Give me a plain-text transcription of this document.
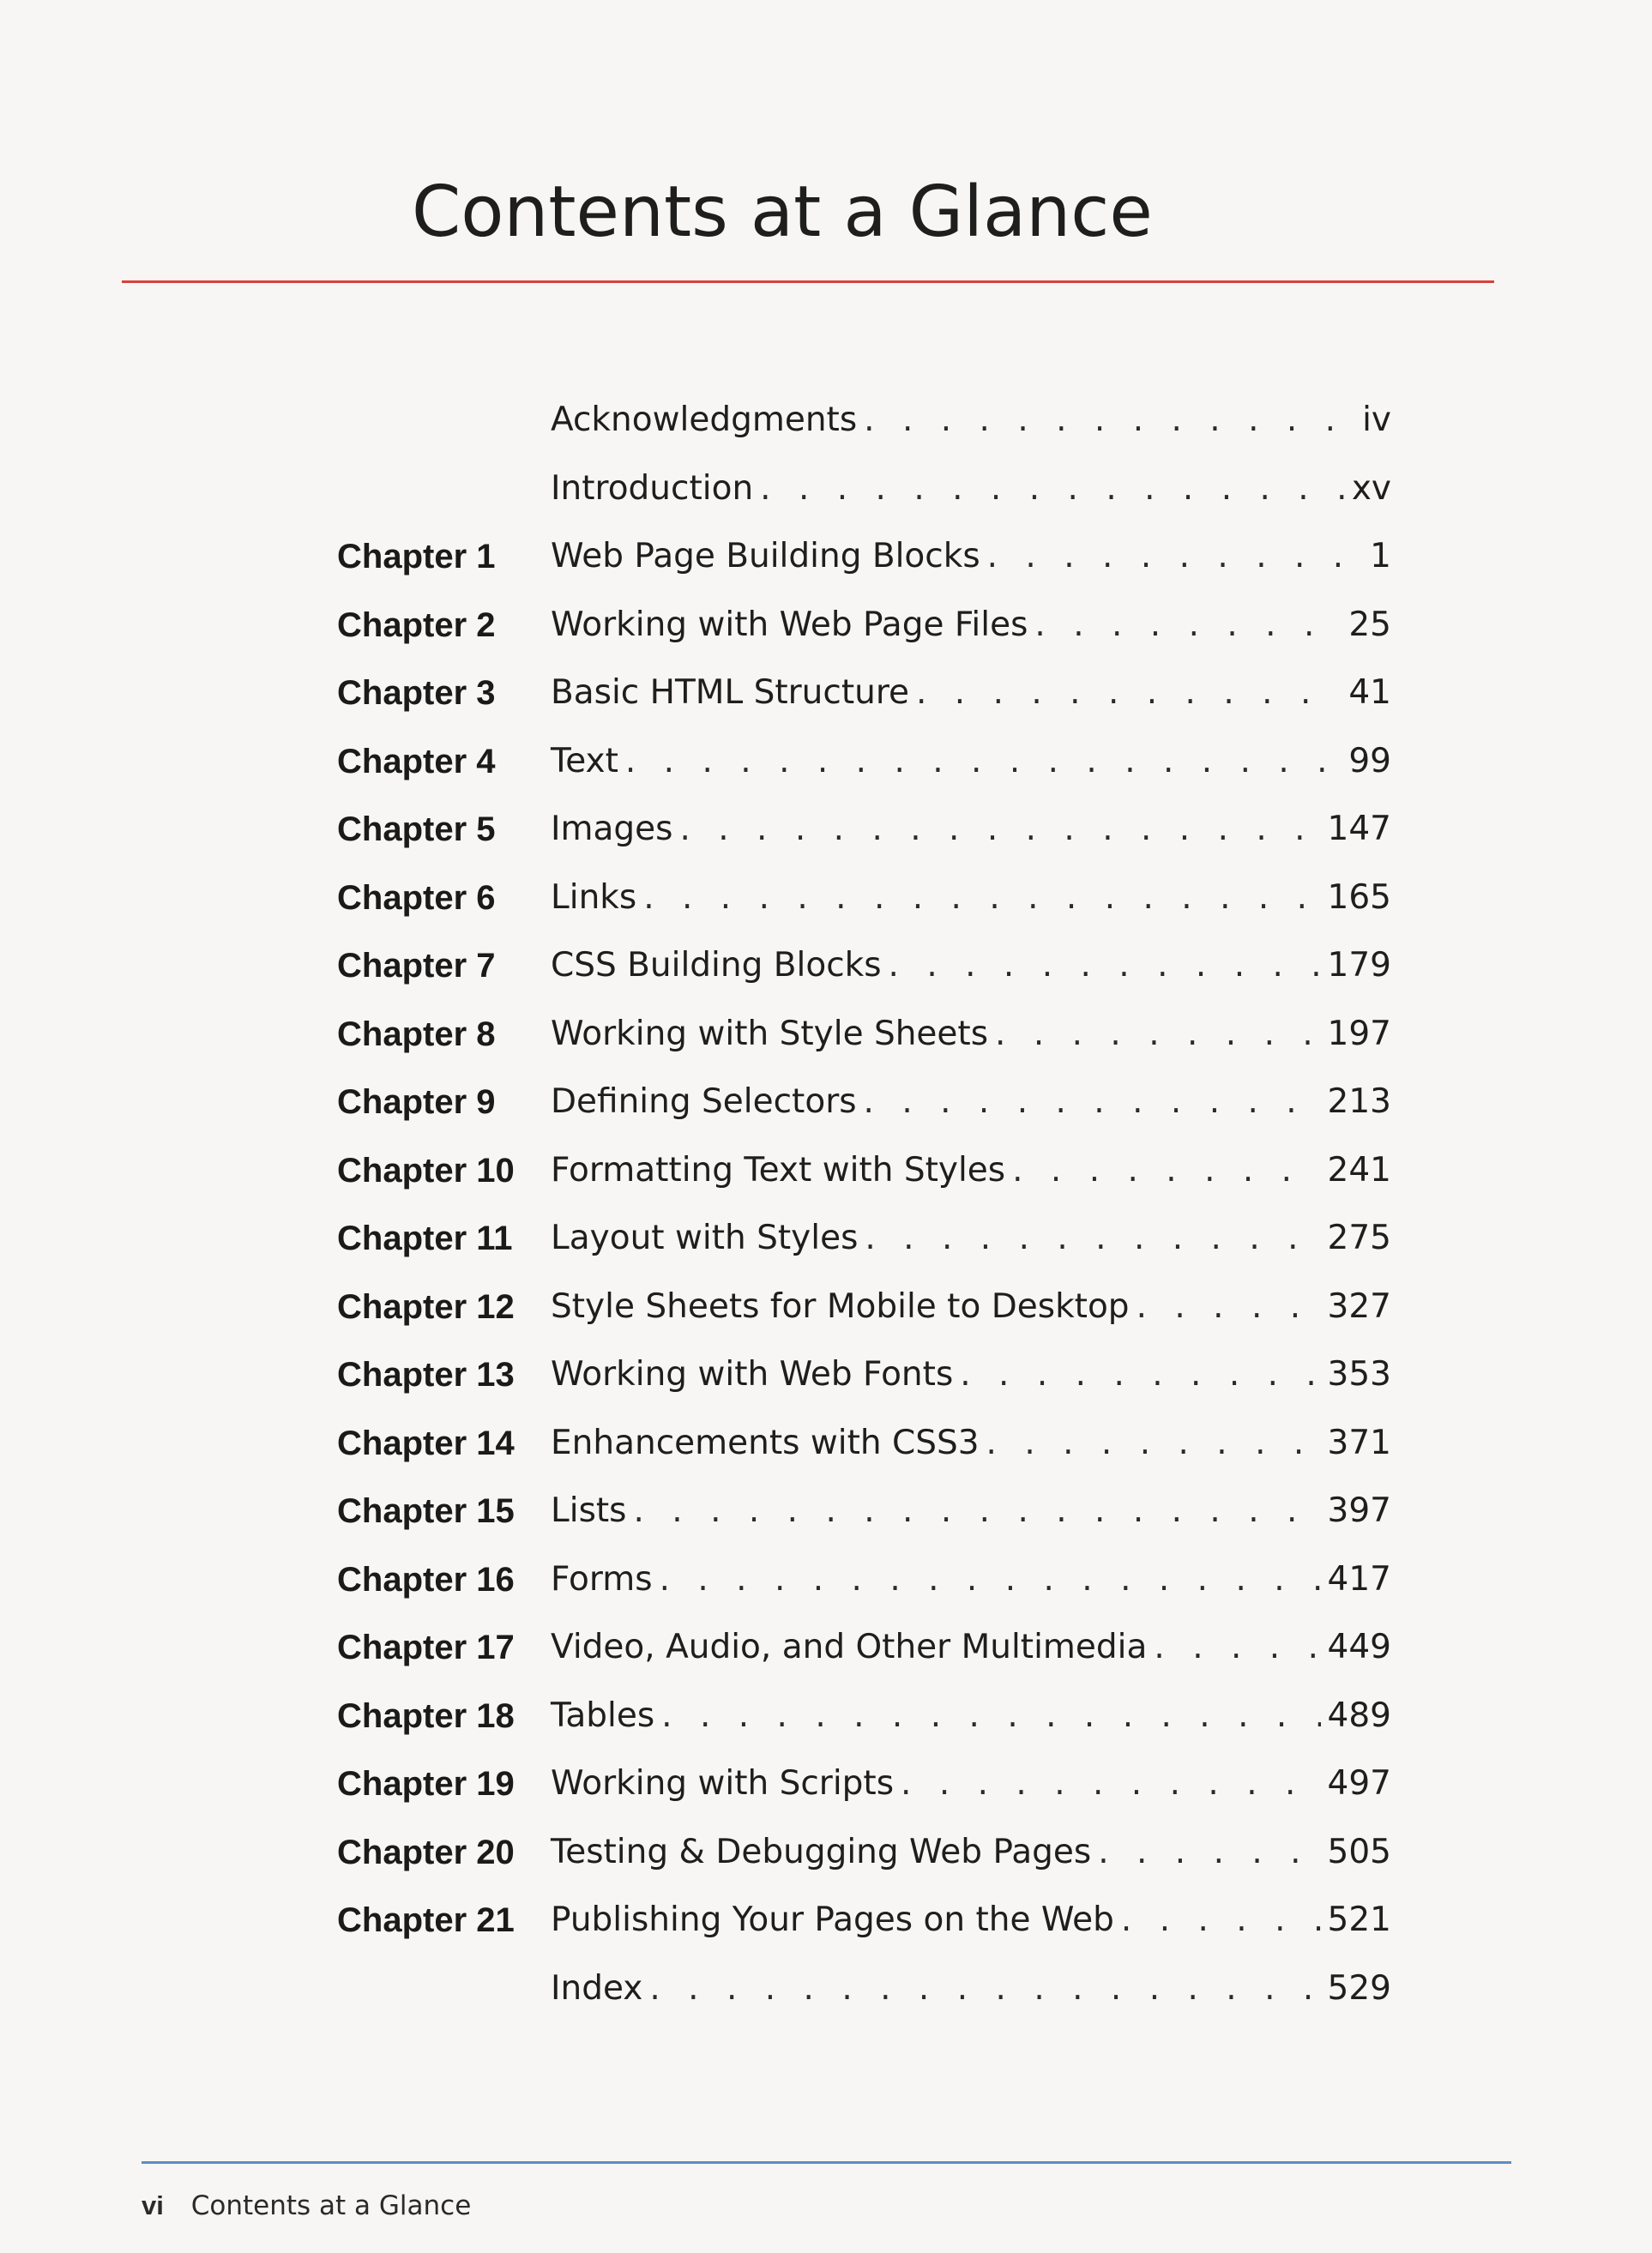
Contents at a Glance
Acknowledgments . . .	iv
Introduction . . .	xv
Chapter 1 Web Page Building Blocks . . .	1
Chapter 2 Working with Web Page Files . . .	25
Chapter 3 Basic HTML Structure . . .	41
Chapter 4 Text . . .	99
Chapter 5 Images . . .	147
Chapter 6 Links . . .	165
Chapter 7 CSS Building Blocks . . .	179
Chapter 8 Working with Style Sheets . . .	197
Chapter 9 Defining Selectors . . .	213
Chapter 10 Formatting Text with Styles . . .	241
Chapter 11 Layout with Styles . . .	275
Chapter 12 Style Sheets for Mobile to Desktop . . .	327
Chapter 13 Working with Web Fonts . . .	353
Chapter 14 Enhancements with CSS3 . . .	371
Chapter 15 Lists . . .	397
Chapter 16 Forms . . .	417
Chapter 17 Video, Audio, and Other Multimedia . . .	449
Chapter 18 Tables . . .	489
Chapter 19 Working with Scripts . . .	497
Chapter 20 Testing & Debugging Web Pages . . .	505
Chapter 21 Publishing Your Pages on the Web . . .	521
Index . . .	529
vi Contents at a Glance
